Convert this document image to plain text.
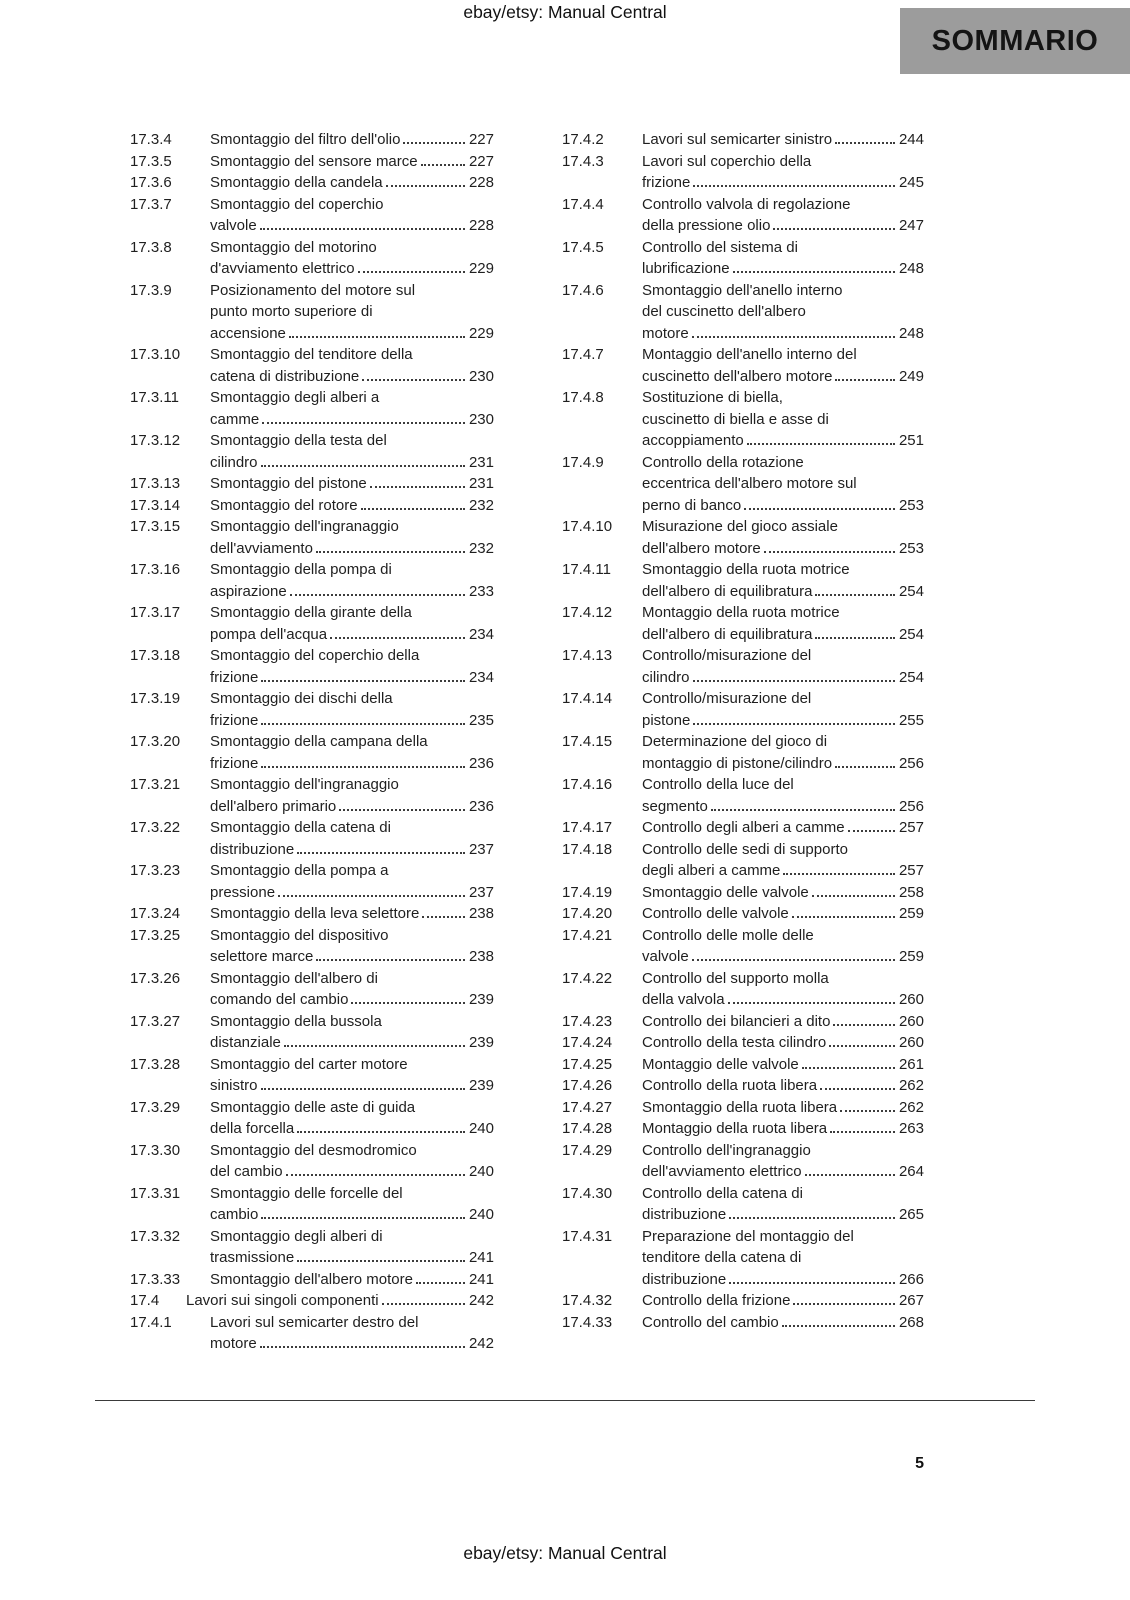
ebay/etsy: Manual Central
SOMMARIO
17.3.4	Smontaggio del filtro dell'olio	227
17.3.5	Smontaggio del sensore marce	227
17.3.6	Smontaggio della candela	228
17.3.7	Smontaggio del coperchio
valvole	228
17.3.8	Smontaggio del motorino
d'avviamento elettrico	229
17.3.9	Posizionamento del motore sul
punto morto superiore di
accensione	229
17.3.10	Smontaggio del tenditore della
catena di distribuzione	230
17.3.11	Smontaggio degli alberi a
camme	230
17.3.12	Smontaggio della testa del
cilindro	231
17.3.13	Smontaggio del pistone	231
17.3.14	Smontaggio del rotore	232
17.3.15	Smontaggio dell'ingranaggio
dell'avviamento	232
17.3.16	Smontaggio della pompa di
aspirazione	233
17.3.17	Smontaggio della girante della
pompa dell'acqua	234
17.3.18	Smontaggio del coperchio della
frizione	234
17.3.19	Smontaggio dei dischi della
frizione	235
17.3.20	Smontaggio della campana della
frizione	236
17.3.21	Smontaggio dell'ingranaggio
dell'albero primario	236
17.3.22	Smontaggio della catena di
distribuzione	237
17.3.23	Smontaggio della pompa a
pressione	237
17.3.24	Smontaggio della leva selettore	238
17.3.25	Smontaggio del dispositivo
selettore marce	238
17.3.26	Smontaggio dell'albero di
comando del cambio	239
17.3.27	Smontaggio della bussola
distanziale	239
17.3.28	Smontaggio del carter motore
sinistro	239
17.3.29	Smontaggio delle aste di guida
della forcella	240
17.3.30	Smontaggio del desmodromico
del cambio	240
17.3.31	Smontaggio delle forcelle del
cambio	240
17.3.32	Smontaggio degli alberi di
trasmissione	241
17.3.33	Smontaggio dell'albero motore	241
17.4	Lavori sui singoli componenti	242
17.4.1	Lavori sul semicarter destro del
motore	242
17.4.2	Lavori sul semicarter sinistro	244
17.4.3	Lavori sul coperchio della
frizione	245
17.4.4	Controllo valvola di regolazione
della pressione olio	247
17.4.5	Controllo del sistema di
lubrificazione	248
17.4.6	Smontaggio dell'anello interno
del cuscinetto dell'albero
motore	248
17.4.7	Montaggio dell'anello interno del
cuscinetto dell'albero motore	249
17.4.8	Sostituzione di biella,
cuscinetto di biella e asse di
accoppiamento	251
17.4.9	Controllo della rotazione
eccentrica dell'albero motore sul
perno di banco	253
17.4.10	Misurazione del gioco assiale
dell'albero motore	253
17.4.11	Smontaggio della ruota motrice
dell'albero di equilibratura	254
17.4.12	Montaggio della ruota motrice
dell'albero di equilibratura	254
17.4.13	Controllo/misurazione del
cilindro	254
17.4.14	Controllo/misurazione del
pistone	255
17.4.15	Determinazione del gioco di
montaggio di pistone/cilindro	256
17.4.16	Controllo della luce del
segmento	256
17.4.17	Controllo degli alberi a camme	257
17.4.18	Controllo delle sedi di supporto
degli alberi a camme	257
17.4.19	Smontaggio delle valvole	258
17.4.20	Controllo delle valvole	259
17.4.21	Controllo delle molle delle
valvole	259
17.4.22	Controllo del supporto molla
della valvola	260
17.4.23	Controllo dei bilancieri a dito	260
17.4.24	Controllo della testa cilindro	260
17.4.25	Montaggio delle valvole	261
17.4.26	Controllo della ruota libera	262
17.4.27	Smontaggio della ruota libera	262
17.4.28	Montaggio della ruota libera	263
17.4.29	Controllo dell'ingranaggio
dell'avviamento elettrico	264
17.4.30	Controllo della catena di
distribuzione	265
17.4.31	Preparazione del montaggio del
tenditore della catena di
distribuzione	266
17.4.32	Controllo della frizione	267
17.4.33	Controllo del cambio	268
5
ebay/etsy: Manual Central
